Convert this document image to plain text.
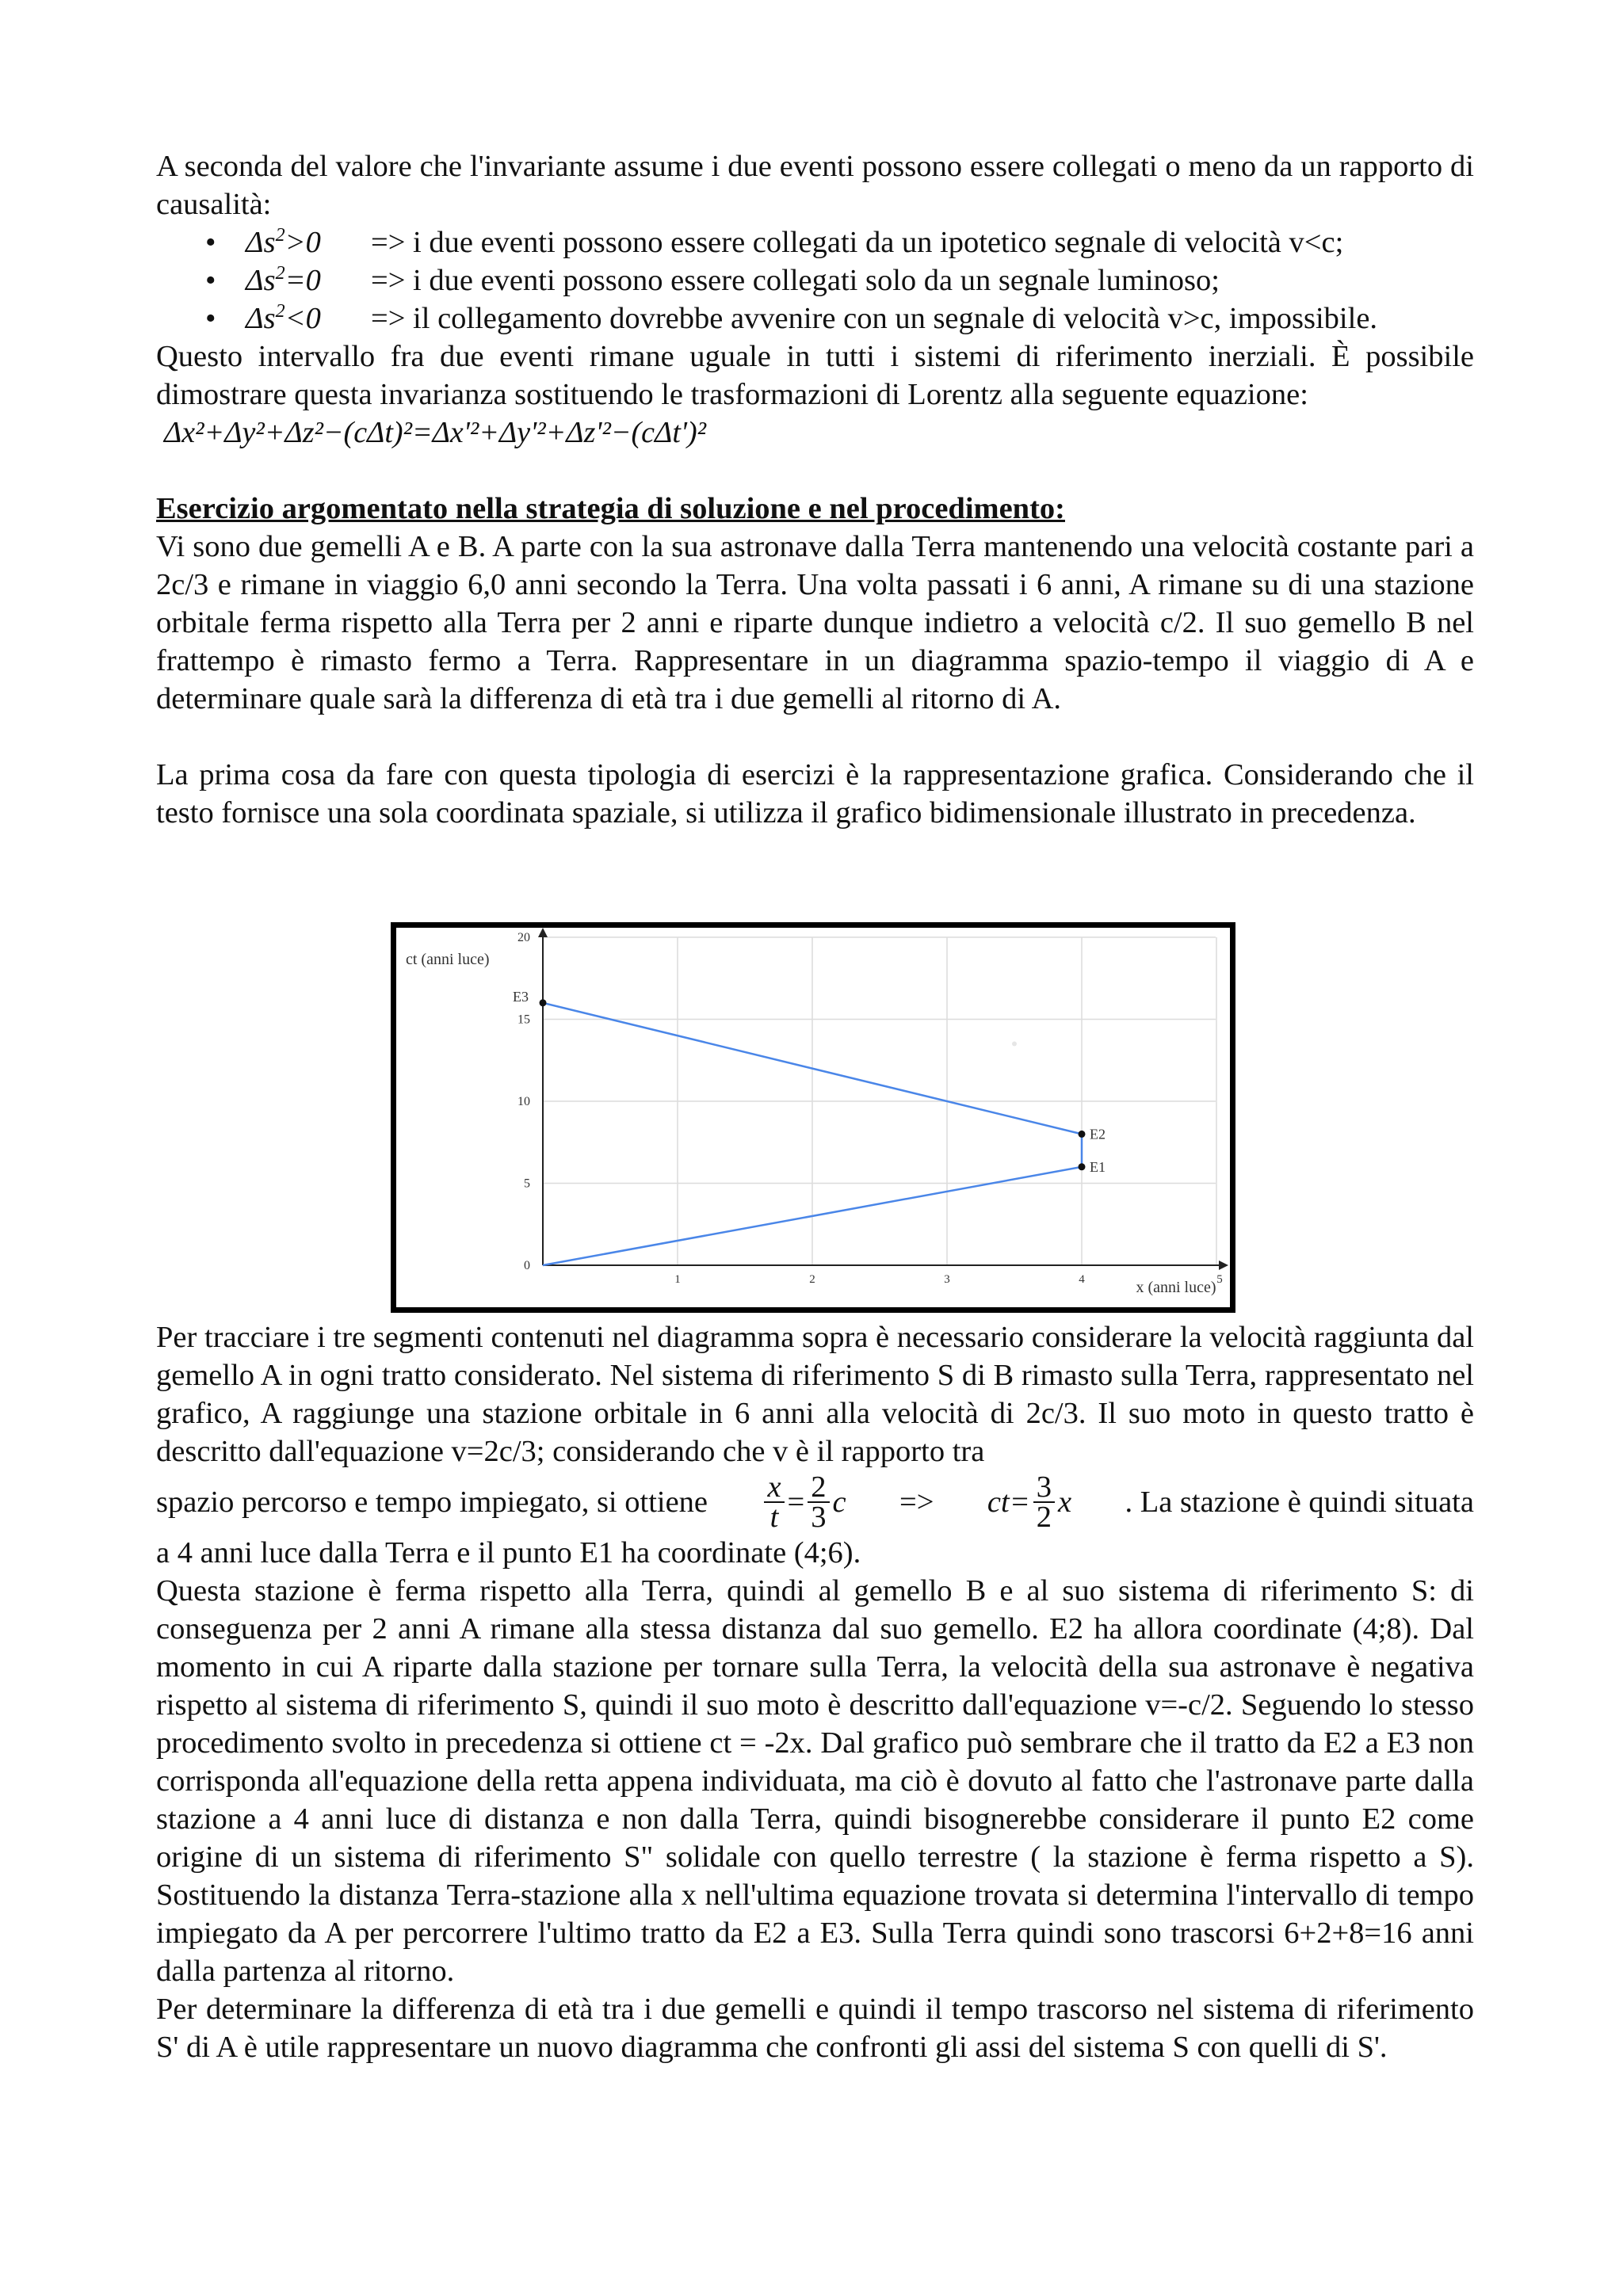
A seconda del valore che l'invariante assume i due eventi possono essere collegati o meno da un rapporto di causalità:

• $\Delta s^2>0 => i$ due eventi possono essere collegati da un ipotetico segnale di velocità v<c;
• $\Delta s^2=0 => i$ due eventi possono essere collegati solo da un segnale luminoso;
• $\Delta s^2<0$ => il collegamento dovrebbe avvenire con un segnale di velocità v>c, impossibile.

Questo intervallo fra due eventi rimane uguale in tutti i sistemi di riferimento inerziali. È possibile dimostrare questa invarianza sostituendo le trasformazioni di Lorentz alla seguente equazione:

Δx²+Δy²+Δz²−(cΔt)²=Δx'²+Δy'²+Δz'²−(cΔt')²

Esercizio argomentato nella strategia di soluzione e nel procedimento:

Vi sono due gemelli A e B. A parte con la sua astronave dalla Terra mantenendo una velocità costante pari a 2c/3 e rimane in viaggio 6,0 anni secondo la Terra. Una volta passati i 6 anni, A rimane su di una stazione orbitale ferma rispetto alla Terra per 2 anni e riparte dunque indietro a velocità c/2. Il suo gemello B nel frattempo è rimasto fermo a Terra. Rappresentare in un diagramma spazio-tempo il viaggio di A e determinare quale sarà la differenza di età tra i due gemelli al ritorno di A.

La prima cosa da fare con questa tipologia di esercizi è la rappresentazione grafica. Considerando che il testo fornisce una sola coordinata spaziale, si utilizza il grafico bidimensionale illustrato in precedenza.

1	2	3	4	5
0
5
10
15
20
ct (anni luce)
x (anni luce)
E1
E2
E3

Per tracciare i tre segmenti contenuti nel diagramma sopra è necessario considerare la velocità raggiunta dal gemello A in ogni tratto considerato. Nel sistema di riferimento S di B rimasto sulla Terra, rappresentato nel grafico, A raggiunge una stazione orbitale in 6 anni alla velocità di 2c/3. Il suo moto in questo tratto è descritto dall'equazione v=2c/3; considerando che v è il rapporto tra

spazio percorso e tempo impiegato, si ottiene $\frac{x}{t} = \frac{2}{3}$ $c => ct= \frac{3}{2}$ x . La stazione è quindi situata

a 4 anni luce dalla Terra e il punto E1 ha coordinate (4;6).

Questa stazione è ferma rispetto alla Terra, quindi al gemello B e al suo sistema di riferimento S: di conseguenza per 2 anni A rimane alla stessa distanza dal suo gemello. E2 ha allora coordinate (4;8). Dal momento in cui A riparte dalla stazione per tornare sulla Terra, la velocità della sua astronave è negativa rispetto al sistema di riferimento S, quindi il suo moto è descritto dall'equazione v=-c/2. Seguendo lo stesso procedimento svolto in precedenza si ottiene ct = -2x. Dal grafico può sembrare che il tratto da E2 a E3 non corrisponda all'equazione della retta appena individuata, ma ciò è dovuto al fatto che l'astronave parte dalla stazione a 4 anni luce di distanza e non dalla Terra, quindi bisognerebbe considerare il punto E2 come origine di un sistema di riferimento S" solidale con quello terrestre ( la stazione è ferma rispetto a S). Sostituendo la distanza Terra-stazione alla x nell'ultima equazione trovata si determina l'intervallo di tempo impiegato da A per percorrere l'ultimo tratto da E2 a E3. Sulla Terra quindi sono trascorsi 6+2+8=16 anni dalla partenza al ritorno.

Per determinare la differenza di età tra i due gemelli e quindi il tempo trascorso nel sistema di riferimento S' di A è utile rappresentare un nuovo diagramma che confronti gli assi del sistema S con quelli di S'.
